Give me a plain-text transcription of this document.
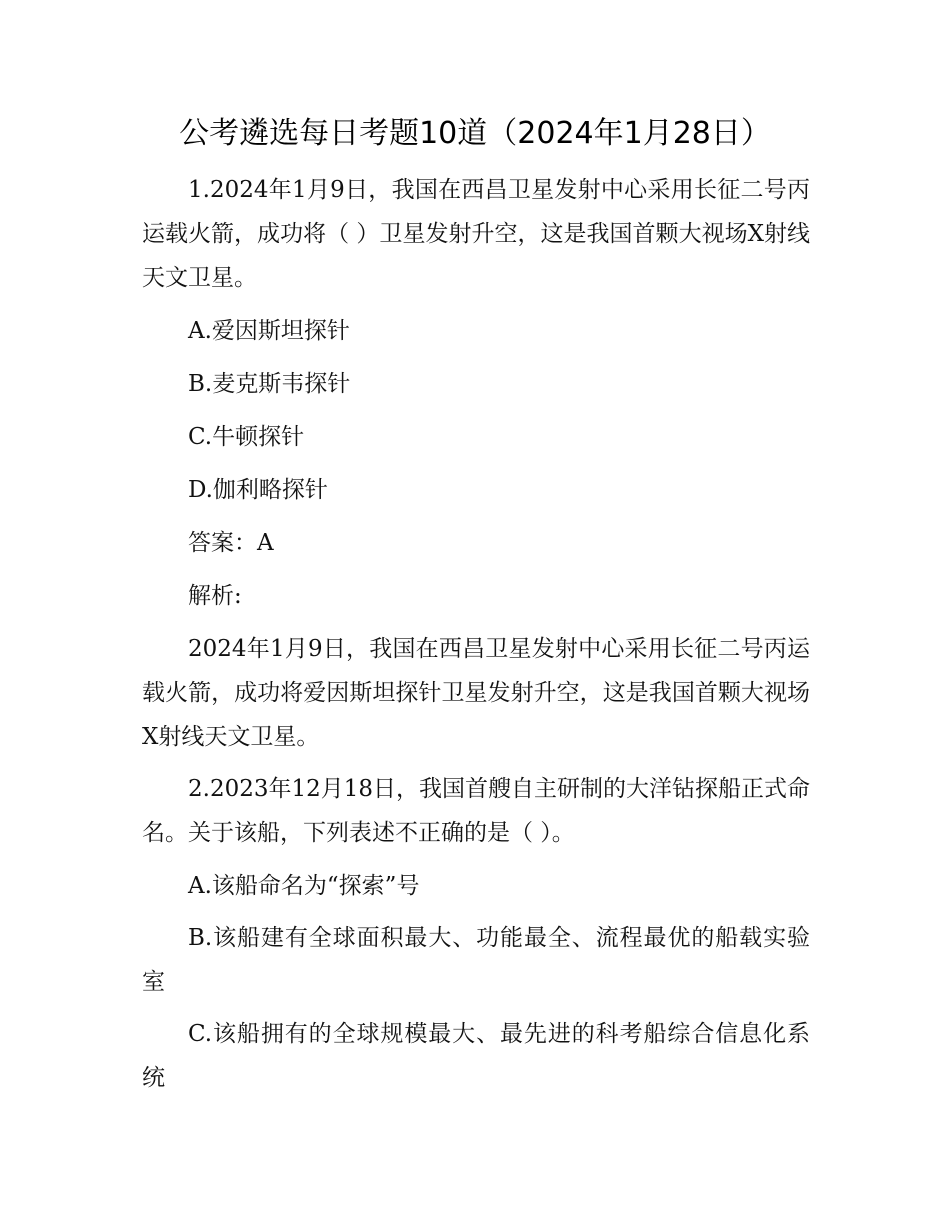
公考遴选每日考题10道（2024年1月28日）

1.2024年1月9日，我国在西昌卫星发射中心采用长征二号丙运载火箭，成功将（ ）卫星发射升空，这是我国首颗大视场X射线天文卫星。

A.爱因斯坦探针

B.麦克斯韦探针

C.牛顿探针

D.伽利略探针

答案：A

解析:

2024年1月9日，我国在西昌卫星发射中心采用长征二号丙运载火箭，成功将爱因斯坦探针卫星发射升空，这是我国首颗大视场X射线天文卫星。

2.2023年12月18日，我国首艘自主研制的大洋钻探船正式命名。关于该船，下列表述不正确的是（ ）。

A.该船命名为“探索”号

B.该船建有全球面积最大、功能最全、流程最优的船载实验室

C.该船拥有的全球规模最大、最先进的科考船综合信息化系统
